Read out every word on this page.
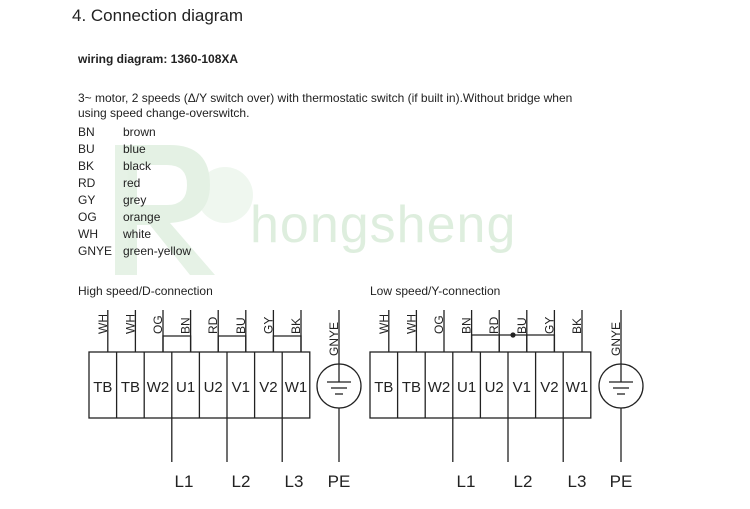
4. Connection diagram
wiring diagram: 1360-108XA
3~ motor, 2 speeds (Δ/Y switch over) with thermostatic switch (if built in).Without bridge when using speed change-overswitch.
hongsheng
BN brown
BU blue
BK black
RD red
GY grey
OG orange
WH white
GNYE green-yellow
High speed/D-connection	Low speed/Y-connection
TB TB W2 U1 U2 V1 V2 W1
WH WH OG BN RD BU GY BK
L1 L2 L3
GNYE
PE
TB TB W2 U1 U2 V1 V2 W1
WH WH OG BN RD BU GY BK
L1 L2 L3
GNYE
PE
